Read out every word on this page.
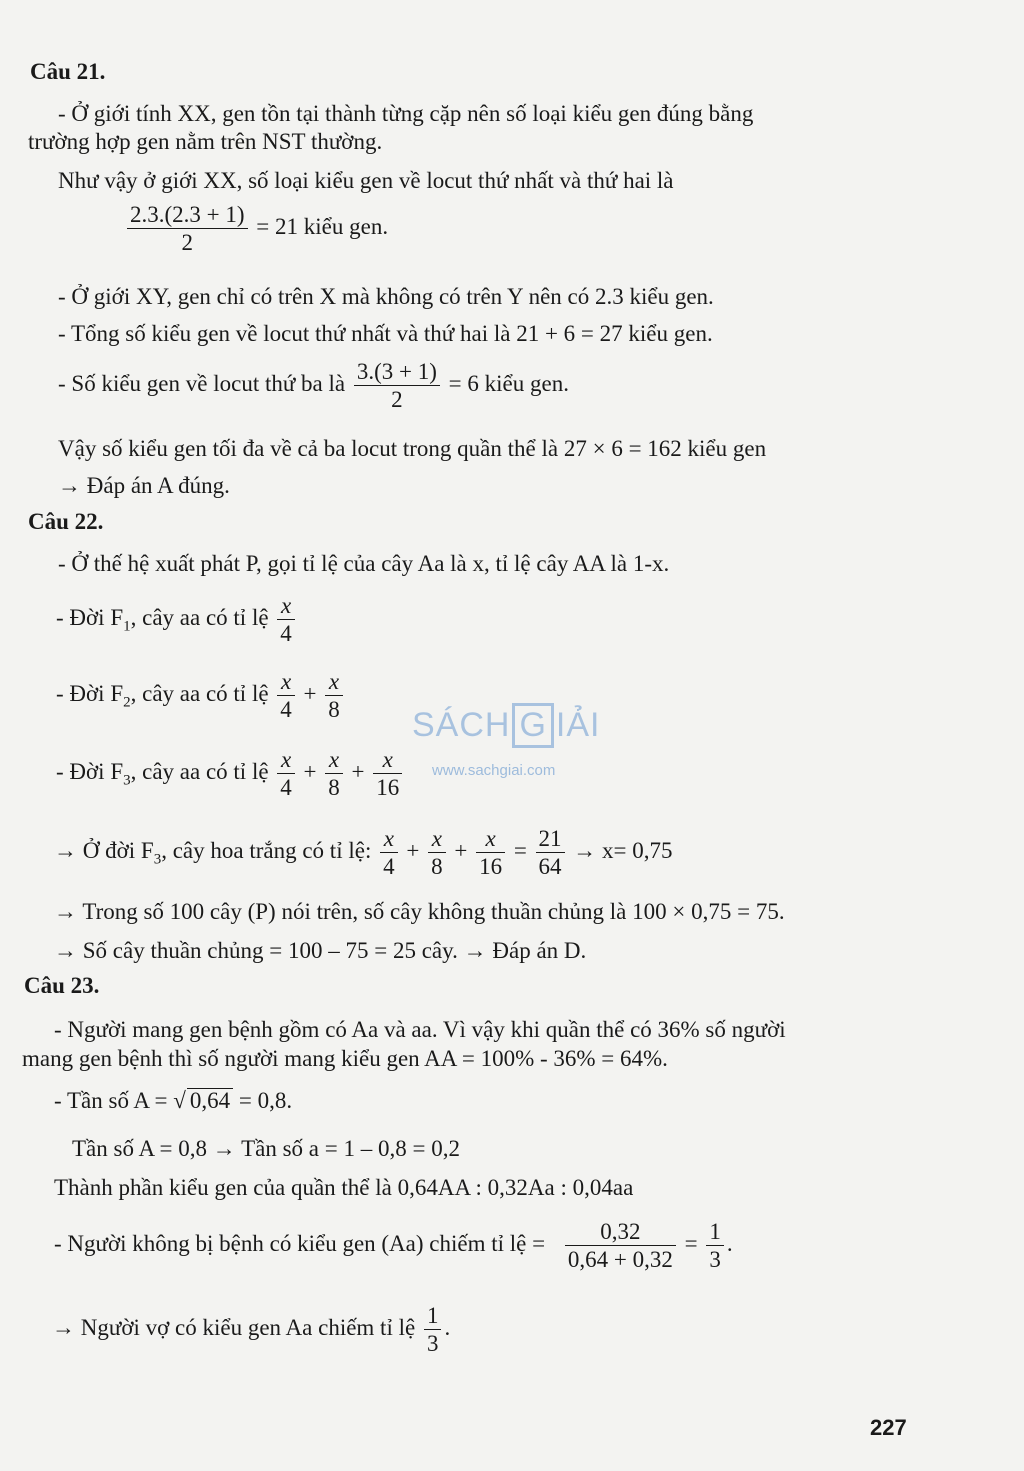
Câu 21.
- Ở giới tính XX, gen tồn tại thành từng cặp nên số loại kiểu gen đúng bằng
trường hợp gen nằm trên NST thường.
Như vậy ở giới XX, số loại kiểu gen về locut thứ nhất và thứ hai là
$\frac{2.3.(2.3 + 1)}{2} = 21$ kiểu gen.
- Ở giới XY, gen chỉ có trên X mà không có trên Y nên có 2.3 kiểu gen.
- Tổng số kiểu gen về locut thứ nhất và thứ hai là 21 + 6 = 27 kiểu gen.
- Số kiểu gen về locut thứ ba là $\frac{3.(3 + 1)}{2} = 6$ kiểu gen.
Vậy số kiểu gen tối đa về cả ba locut trong quần thể là 27 × 6 = 162 kiểu gen
→ Đáp án A đúng.
Câu 22.
- Ở thế hệ xuất phát P, gọi tỉ lệ của cây Aa là x, tỉ lệ cây AA là 1-x.
- Đời $F_1$, cây aa có tỉ lệ $\frac{x}{4}$
- Đời $F_2$, cây aa có tỉ lệ $\frac{x}{4} + \frac{x}{8}$
- Đời $F_3$, cây aa có tỉ lệ $\frac{x}{4} + \frac{x}{8} + \frac{x}{16}$
→ Ở đời $F_3$, cây hoa trắng có tỉ lệ: $\frac{x}{4} + \frac{x}{8} + \frac{x}{16} = \frac{21}{64} \to x= 0,75$
→ Trong số 100 cây (P) nói trên, số cây không thuần chủng là 100 × 0,75 = 75.
→ Số cây thuần chủng = 100 – 75 = 25 cây. → Đáp án D.
Câu 23.
- Người mang gen bệnh gồm có Aa và aa. Vì vậy khi quần thể có 36% số người
mang gen bệnh thì số người mang kiểu gen AA = 100% - 36% = 64%.
- Tần số A = √ 0,64 = 0,8.
Tần số A = 0,8 → Tần số a = 1 – 0,8 = 0,2
Thành phần kiểu gen của quần thể là 0,64AA : 0,32Aa : 0,04aa
- Người không bị bệnh có kiểu gen (Aa) chiếm tỉ lệ = $\frac{0,32}{0,64 + 0,32} = \frac{1}{3}$ .
→ Người vợ có kiểu gen Aa chiếm tỉ lệ $\frac{1}{3}$ .
SÁCH G IẢI
www.sachgiai.com
227
